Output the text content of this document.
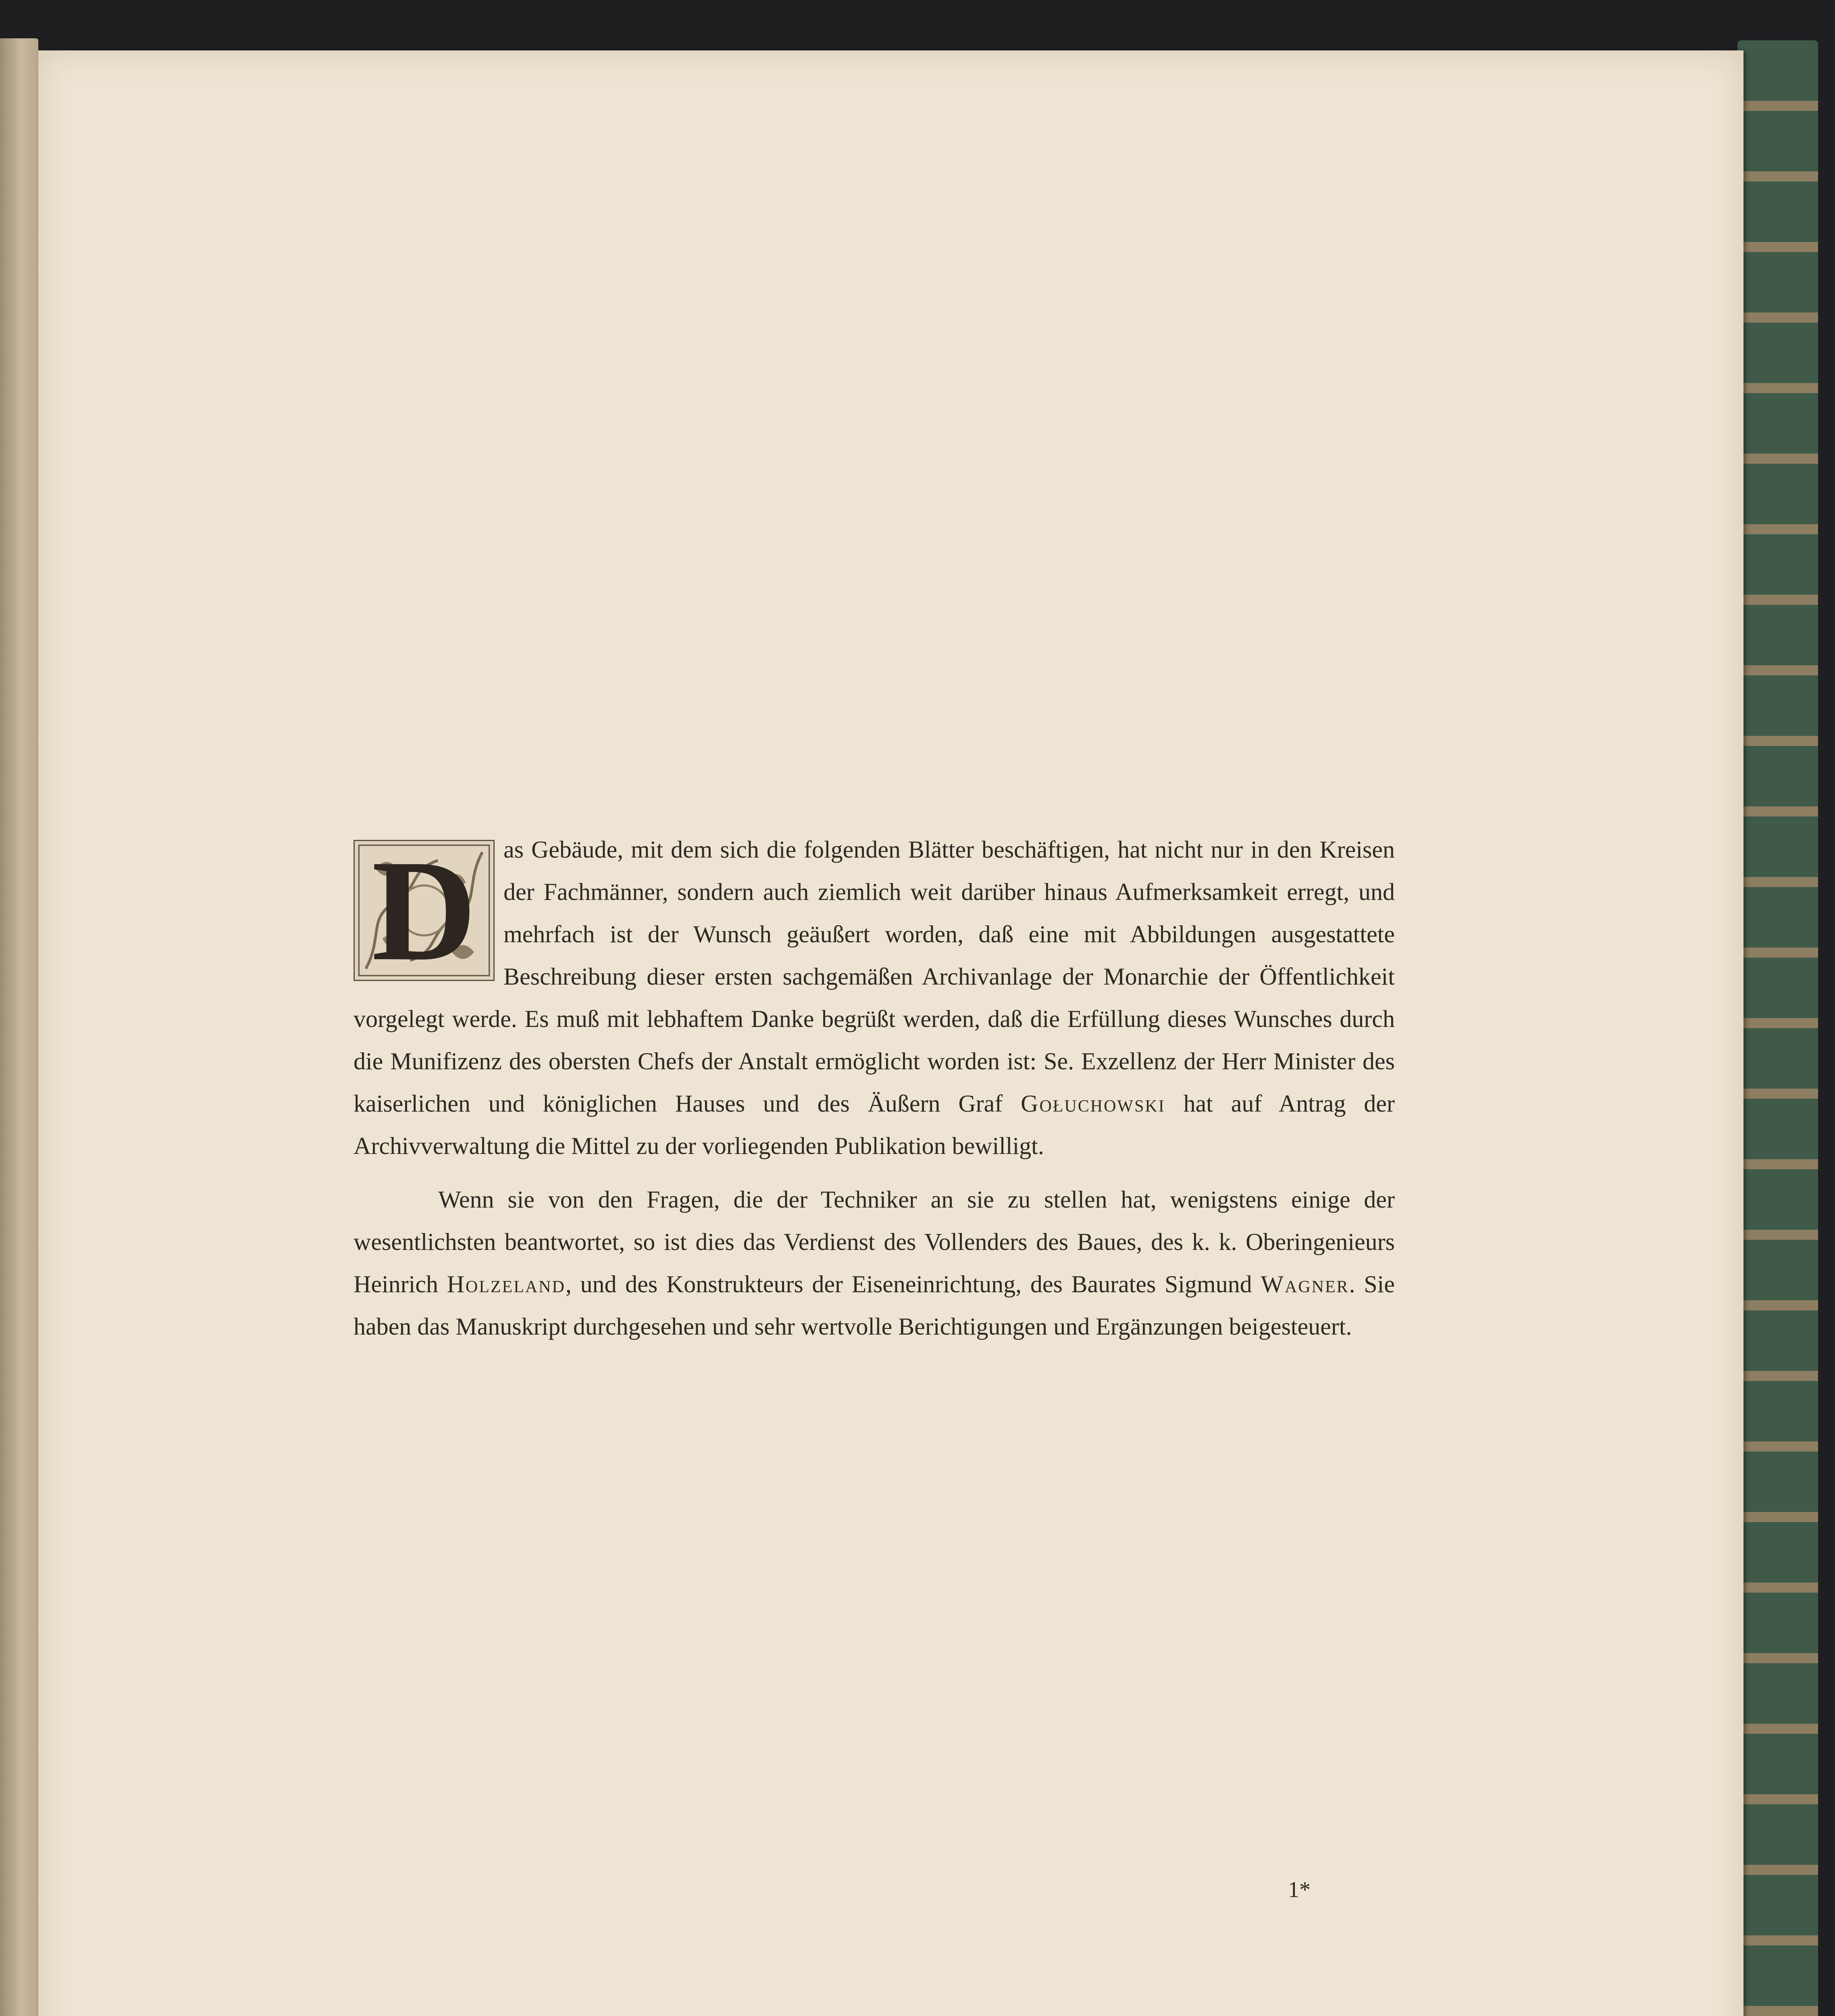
D	as Gebäude, mit dem sich die folgenden Blätter beschäftigen, hat nicht nur in den Kreisen der Fachmänner, sondern auch ziemlich weit darüber hinaus Aufmerksamkeit erregt, und mehrfach ist der Wunsch geäußert worden, daß eine mit Abbildungen ausgestattete Beschreibung dieser ersten sachgemäßen Archivanlage der Monarchie der Öffentlichkeit vorgelegt werde. Es muß mit lebhaftem Danke begrüßt werden, daß die Erfüllung dieses Wunsches durch die Munifizenz des obersten Chefs der Anstalt ermöglicht worden ist: Se. Exzellenz der Herr Minister des kaiserlichen und königlichen Hauses und des Äußern Graf Gołuchowski hat auf Antrag der Archivverwaltung die Mittel zu der vorliegenden Publikation bewilligt.

Wenn sie von den Fragen, die der Techniker an sie zu stellen hat, wenigstens einige der wesentlichsten beantwortet, so ist dies das Verdienst des Vollenders des Baues, des k. k. Oberingenieurs Heinrich Holzeland, und des Konstrukteurs der Eiseneinrichtung, des Baurates Sigmund Wagner. Sie haben das Manuskript durchgesehen und sehr wertvolle Berichtigungen und Ergänzungen beigesteuert.

1*
